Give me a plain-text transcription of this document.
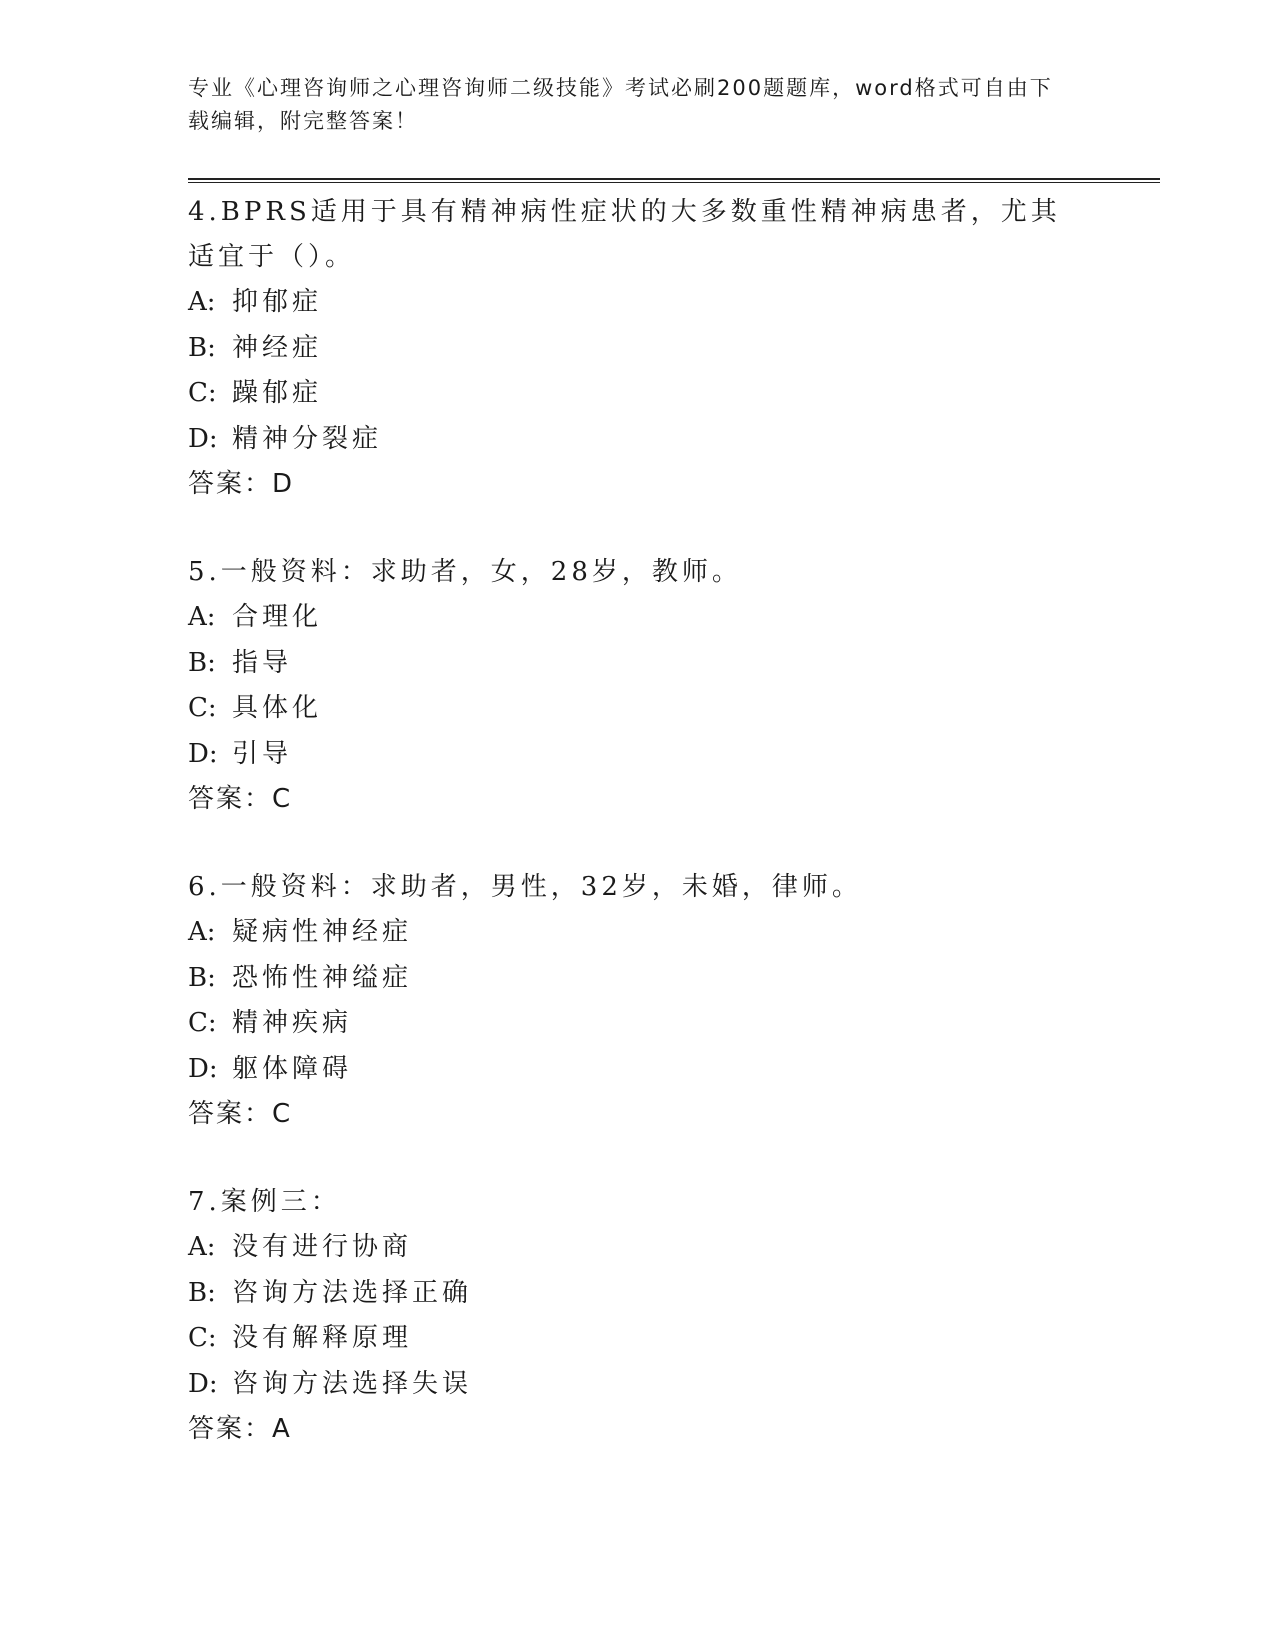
专业《心理咨询师之心理咨询师二级技能》考试必刷200题题库，word格式可自由下载编辑，附完整答案！

4.BPRS适用于具有精神病性症状的大多数重性精神病患者，尤其适宜于（）。

A: 抑郁症

B: 神经症

C: 躁郁症

D: 精神分裂症

答案：D

5.一般资料：求助者，女，28岁，教师。

A: 合理化

B: 指导

C: 具体化

D: 引导

答案：C

6.一般资料：求助者，男性，32岁，未婚，律师。

A: 疑病性神经症

B: 恐怖性神缢症

C: 精神疾病

D: 躯体障碍

答案：C

7.案例三：

A: 没有进行协商

B: 咨询方法选择正确

C: 没有解释原理

D: 咨询方法选择失误

答案：A
